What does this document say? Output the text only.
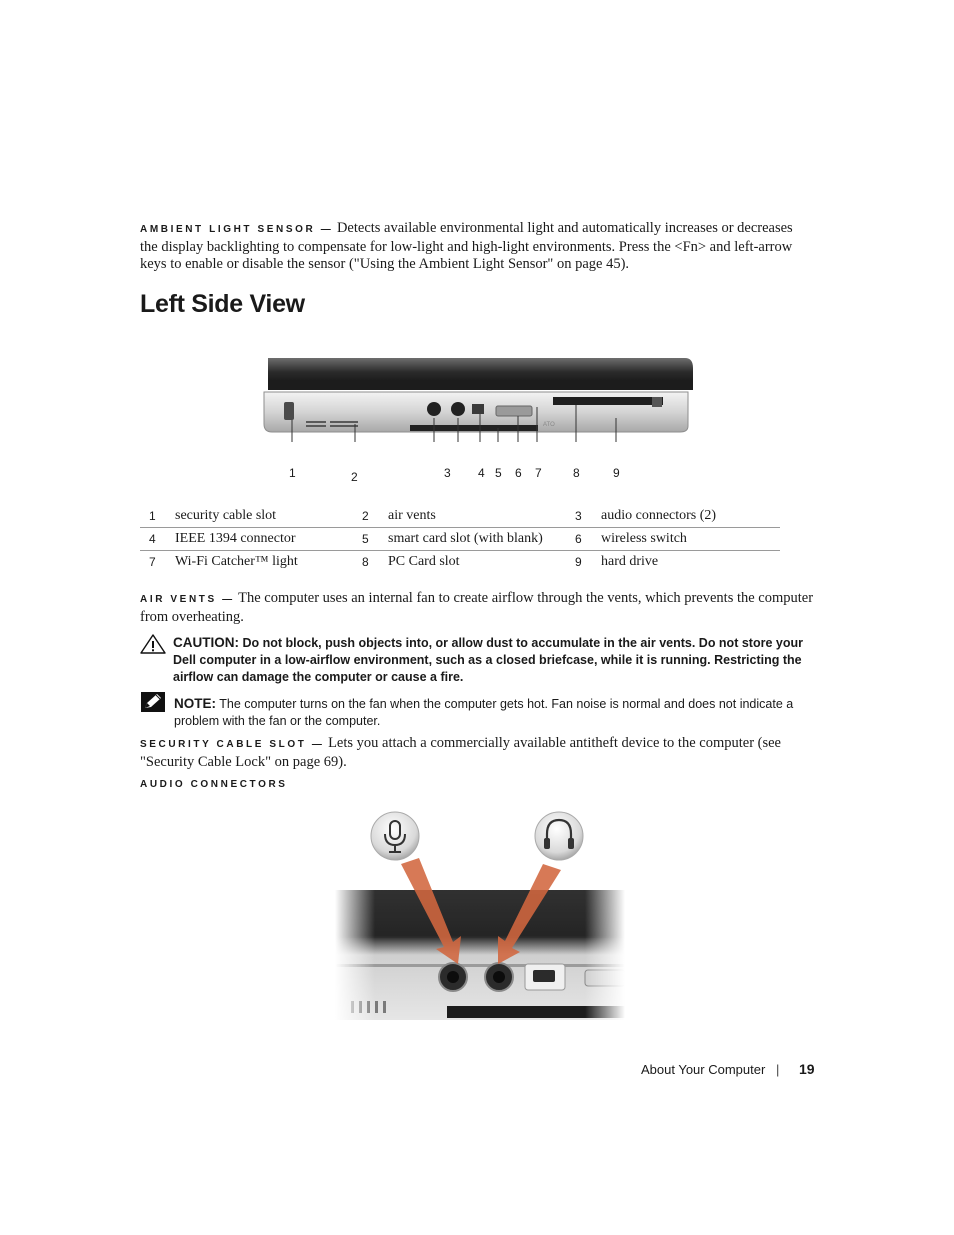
AMBIENT LIGHT SENSOR — Detects available environmental light and automatically increases or decreases the display backlighting to compensate for low-light and high-light environments. Press the <Fn> and left-arrow keys to enable or disable the sensor ("Using the Ambient Light Sensor" on page 45).
Left Side View
ATO
1	2	3 4 5 6 7	8	9
1	security cable slot	2	air vents	3	audio connectors (2)
4	IEEE 1394 connector	5	smart card slot (with blank)	6	wireless switch
7	Wi-Fi Catcher™ light	8	PC Card slot	9	hard drive
AIR VENTS — The computer uses an internal fan to create airflow through the vents, which prevents the computer from overheating.
CAUTION: Do not block, push objects into, or allow dust to accumulate in the air vents. Do not store your Dell computer in a low-airflow environment, such as a closed briefcase, while it is running. Restricting the airflow can damage the computer or cause a fire.
NOTE: The computer turns on the fan when the computer gets hot. Fan noise is normal and does not indicate a problem with the fan or the computer.
SECURITY CABLE SLOT — Lets you attach a commercially available antitheft device to the computer (see "Security Cable Lock" on page 69).
AUDIO CONNECTORS
About Your Computer | 19
